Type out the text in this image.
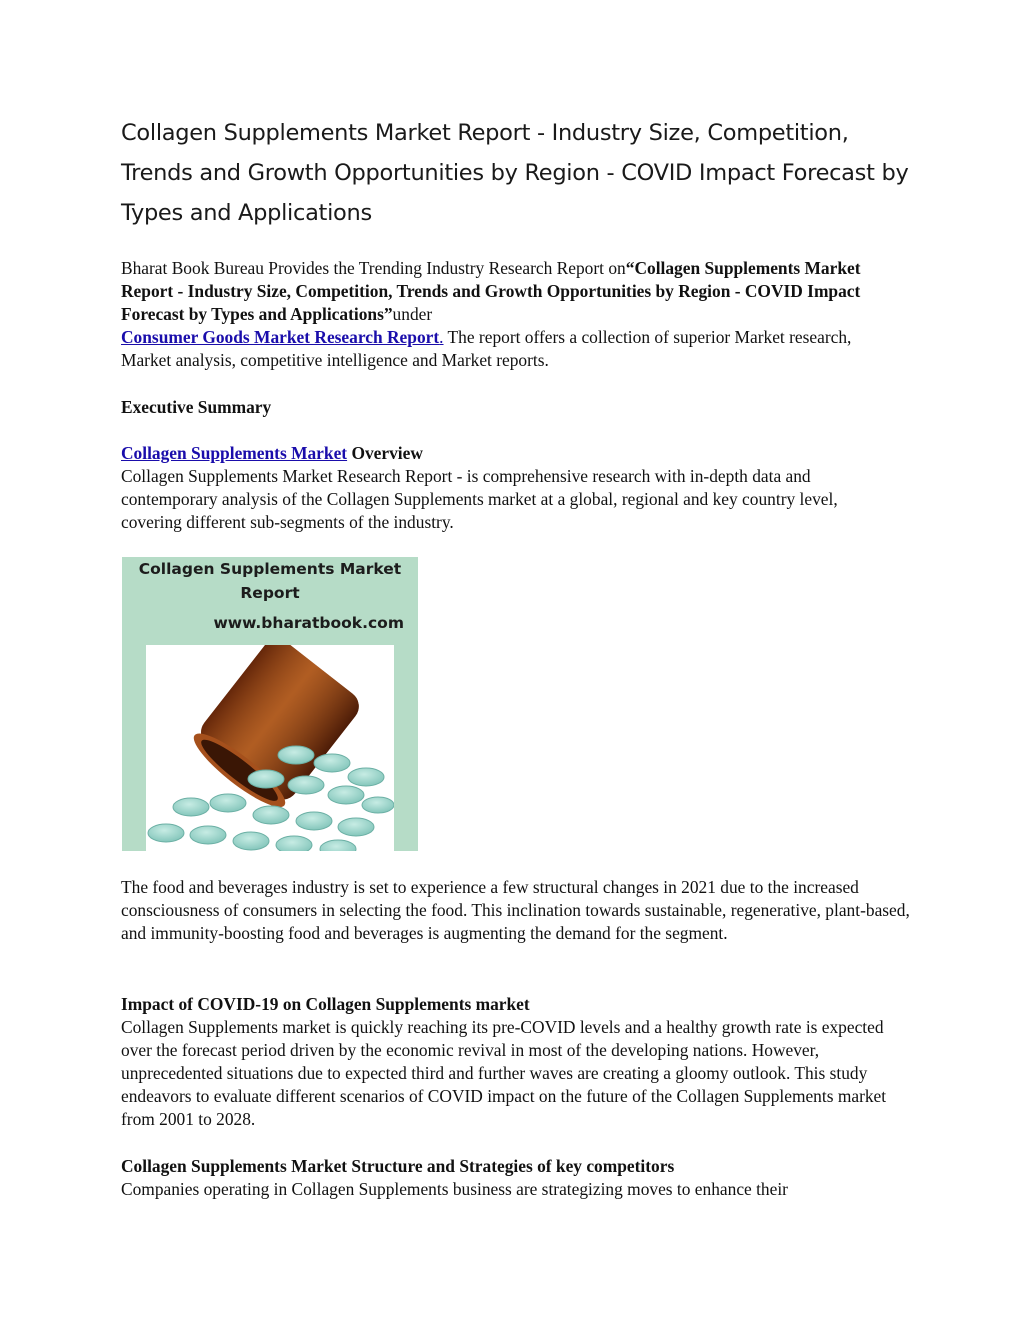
Collagen Supplements Market Report - Industry Size, Competition, Trends and Growth Opportunities by Region - COVID Impact Forecast by Types and Applications

Bharat Book Bureau Provides the Trending Industry Research Report on“Collagen Supplements Market Report - Industry Size, Competition, Trends and Growth Opportunities by Region - COVID Impact Forecast by Types and Applications”under
Consumer Goods Market Research Report. The report offers a collection of superior Market research, Market analysis, competitive intelligence and Market reports.

Executive Summary

Collagen Supplements Market Overview
Collagen Supplements Market Research Report - is comprehensive research with in-depth data and contemporary analysis of the Collagen Supplements market at a global, regional and key country level, covering different sub-segments of the industry.

Collagen Supplements Market
Report
www.bharatbook.com

The food and beverages industry is set to experience a few structural changes in 2021 due to the increased consciousness of consumers in selecting the food. This inclination towards sustainable, regenerative, plant-based, and immunity-boosting food and beverages is augmenting the demand for the segment.

Impact of COVID-19 on Collagen Supplements market

Collagen Supplements market is quickly reaching its pre-COVID levels and a healthy growth rate is expected over the forecast period driven by the economic revival in most of the developing nations. However, unprecedented situations due to expected third and further waves are creating a gloomy outlook. This study endeavors to evaluate different scenarios of COVID impact on the future of the Collagen Supplements market from 2001 to 2028.

Collagen Supplements Market Structure and Strategies of key competitors

Companies operating in Collagen Supplements business are strategizing moves to enhance their
